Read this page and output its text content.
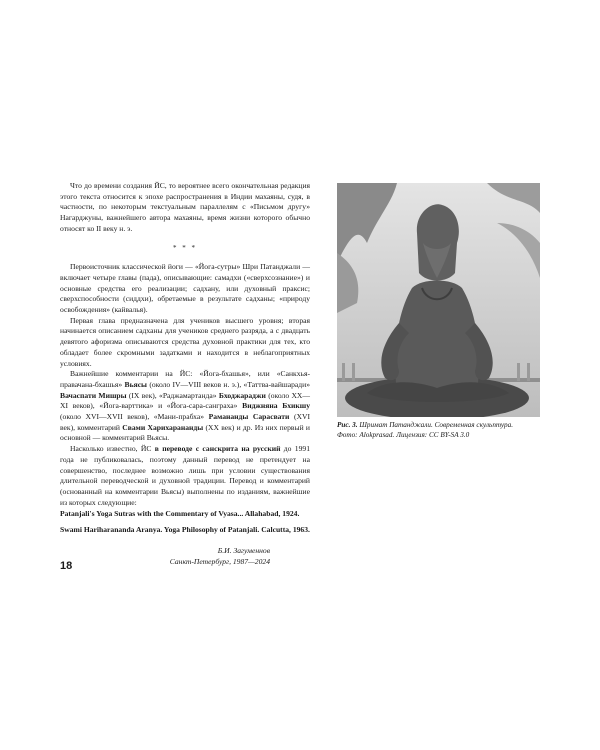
Что до времени создания ЙС, то вероятнее всего окончательная редакция этого текста относится к эпохе распространения в Индии махаяны, судя, в частности, по некоторым текстуальным параллелям с «Письмом другу» Нагарджуны, важнейшего автора махаяны, время жизни которого обычно относят ко II веку н. э.

* * *

Первоисточник классической йоги — «Йога-сутры» Шри Патанджали — включает четыре главы (пада), описывающие: самадхи («сверхсознание») и основные средства его реализации; садхану, или духовный праксис; сверхспособности (сиддхи), обретаемые в результате садханы; «природу освобождения» (кайвалья).

Первая глава предназначена для учеников высшего уровня; вторая начинается описанием садханы для учеников среднего разряда, а с двадцать девятого афоризма описываются средства духовной практики для тех, кто обладает более скромными задатками и находится в неблагоприятных условиях.

Важнейшие комментарии на ЙС: «Йога-бхашья», или «Санкхья-правачана-бхашья» Вьясы (около IV—VIII веков н. э.), «Таттва-вайшаради» Вачаспати Мишры (IX век), «Раджамартанда» Бходжараджи (около XX—XI веков), «Йога-варттика» и «Йога-сара-санграха» Виджняна Бхикшу (около XVI—XVII веков), «Мани-прабха» Рамананды Сарасвати (XVI век), комментарий Свами Харихарананды (XX век) и др. Из них первый и основной — комментарий Вьясы.

Насколько известно, ЙС в переводе с санскрита на русский до 1991 года не публиковалась, поэтому данный перевод не претендует на совершенство, последнее возможно лишь при условии существования длительной переводческой и духовной традиции. Перевод и комментарий (основанный на комментарии Вьясы) выполнены по изданиям, важнейшие из которых следующие:

Patanjali's Yoga Sutras with the Commentary of Vyasa... Allahabad, 1924.

Swami Hariharananda Aranya. Yoga Philosophy of Patanjali. Calcutta, 1963.

Б.И. Загуменнов
Санкт-Петербург, 1987—2024
18
Рис. 3. Шримат Патанджали. Современная скульптура.
Фото: Alokprasad. Лицензия: CC BY-SA 3.0
